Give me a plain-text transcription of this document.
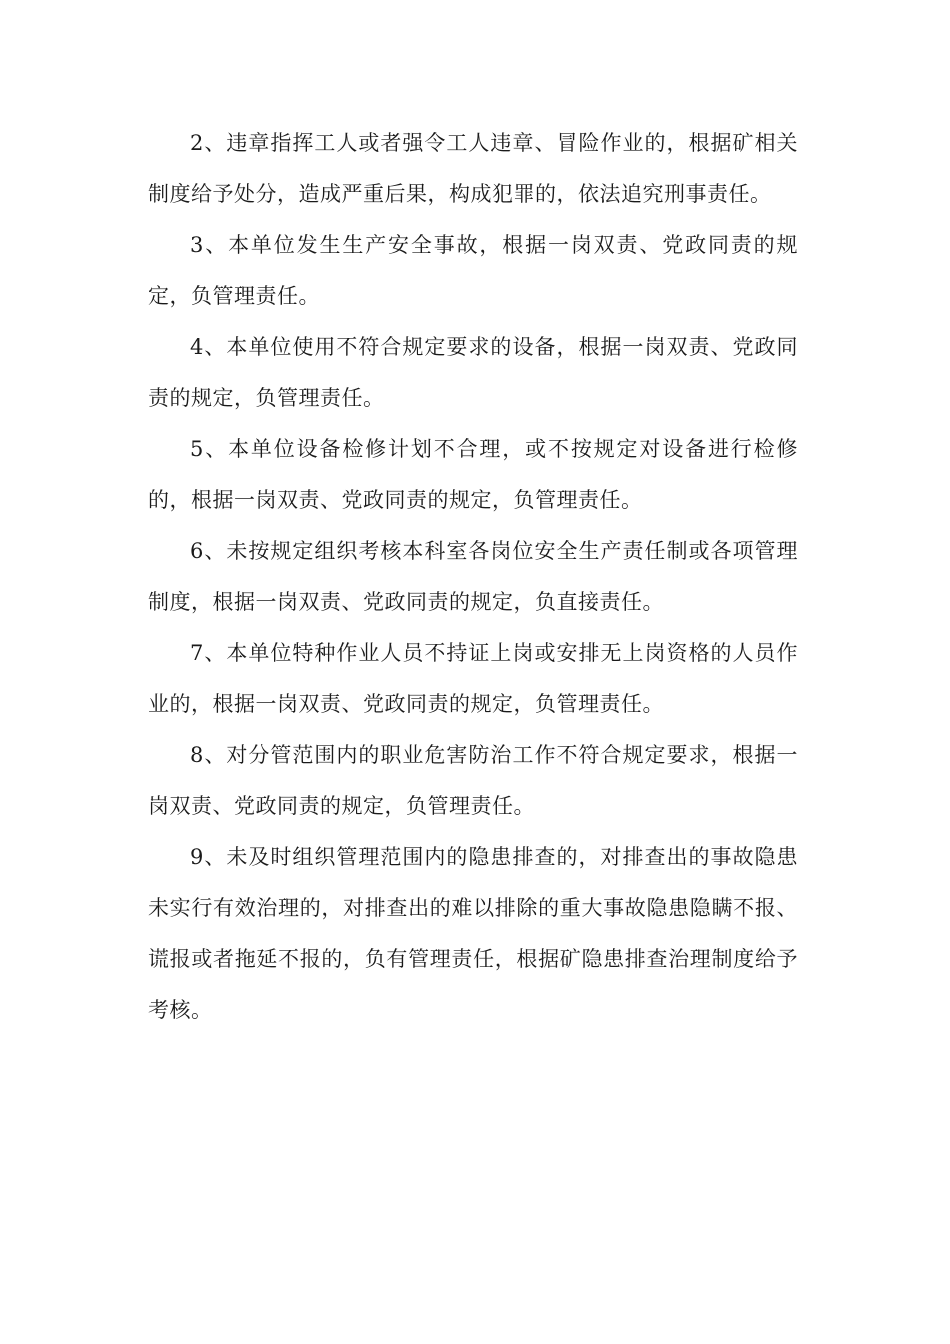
2、违章指挥工人或者强令工人违章、冒险作业的，根据矿相关制度给予处分，造成严重后果，构成犯罪的，依法追究刑事责任。

3、本单位发生生产安全事故，根据一岗双责、党政同责的规定，负管理责任。

4、本单位使用不符合规定要求的设备，根据一岗双责、党政同责的规定，负管理责任。

5、本单位设备检修计划不合理，或不按规定对设备进行检修的，根据一岗双责、党政同责的规定，负管理责任。

6、未按规定组织考核本科室各岗位安全生产责任制或各项管理制度，根据一岗双责、党政同责的规定，负直接责任。

7、本单位特种作业人员不持证上岗或安排无上岗资格的人员作业的，根据一岗双责、党政同责的规定，负管理责任。

8、对分管范围内的职业危害防治工作不符合规定要求，根据一岗双责、党政同责的规定，负管理责任。

9、未及时组织管理范围内的隐患排查的，对排查出的事故隐患未实行有效治理的，对排查出的难以排除的重大事故隐患隐瞒不报、谎报或者拖延不报的，负有管理责任，根据矿隐患排查治理制度给予考核。
